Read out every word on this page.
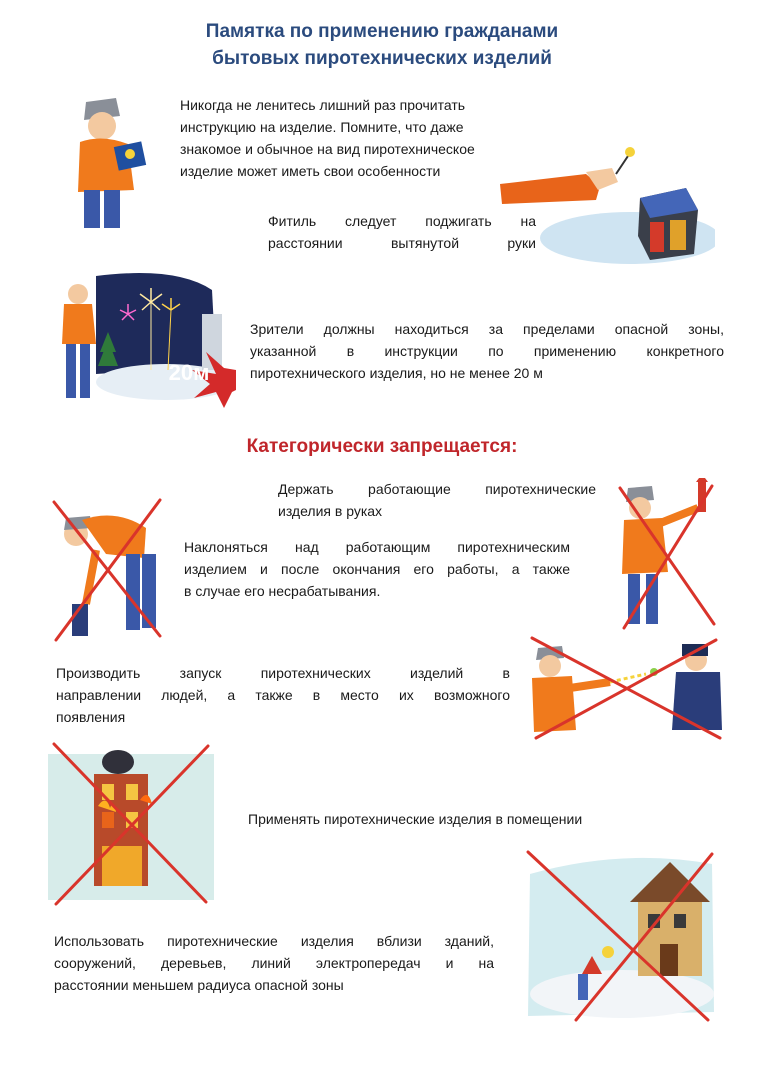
Памятка по применению гражданами
бытовых пиротехнических изделий
Никогда не ленитесь лишний раз прочитать
инструкцию на изделие. Помните, что даже
знакомое и обычное на вид пиротехническое
изделие может иметь свои особенности
Фитиль следует поджигать на
расстоянии вытянутой руки
20м
Зрители должны находиться за пределами опасной зоны,
указанной в инструкции по применению конкретного
пиротехнического изделия, но не менее 20 м
Категорически запрещается:
Держать работающие пиротехнические
изделия в руках
Наклоняться над работающим пиротехническим
изделием и после окончания его работы, а также
в случае его несрабатывания.
Производить запуск пиротехнических изделий в
направлении людей, а также в место их возможного
появления
Применять пиротехнические изделия в помещении
Использовать пиротехнические изделия вблизи зданий,
сооружений, деревьев, линий электропередач и на
расстоянии меньшем радиуса опасной зоны
